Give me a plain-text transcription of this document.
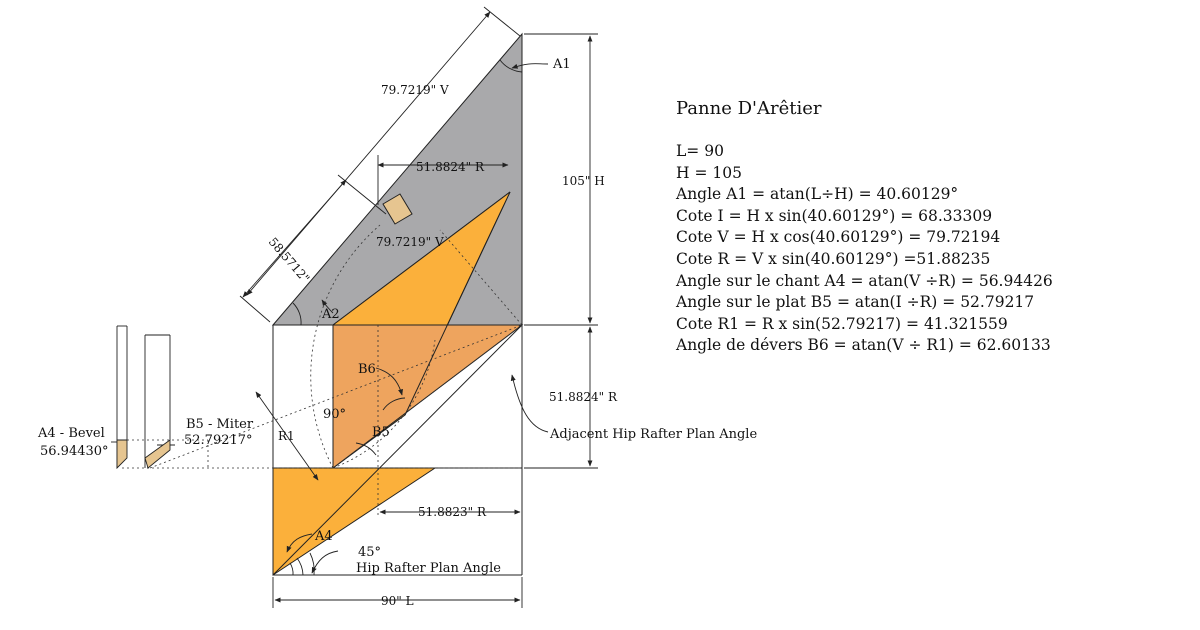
A1
A2
B6
90°
B5
A4
45°
Hip Rafter Plan Angle
Adjacent Hip Rafter Plan Angle
79.7219" V
79.7219" V
51.8824" R
105" H
58.5712"
51.8824" R
51.8823" R
90" L
R1
A4 - Bevel
56.94430°
B5 - Miter
52.79217°
Panne D'Arêtier
L= 90
H = 105
Angle A1 = atan(L÷H) = 40.60129°
Cote I = H x sin(40.60129°) = 68.33309
Cote V = H x cos(40.60129°) = 79.72194
Cote R = V x sin(40.60129°) =51.88235
Angle sur le chant A4 = atan(V ÷R) = 56.94426
Angle sur le plat B5 = atan(I ÷R) = 52.79217
Cote R1 = R x sin(52.79217) = 41.321559
Angle de dévers B6 = atan(V ÷ R1) = 62.60133
